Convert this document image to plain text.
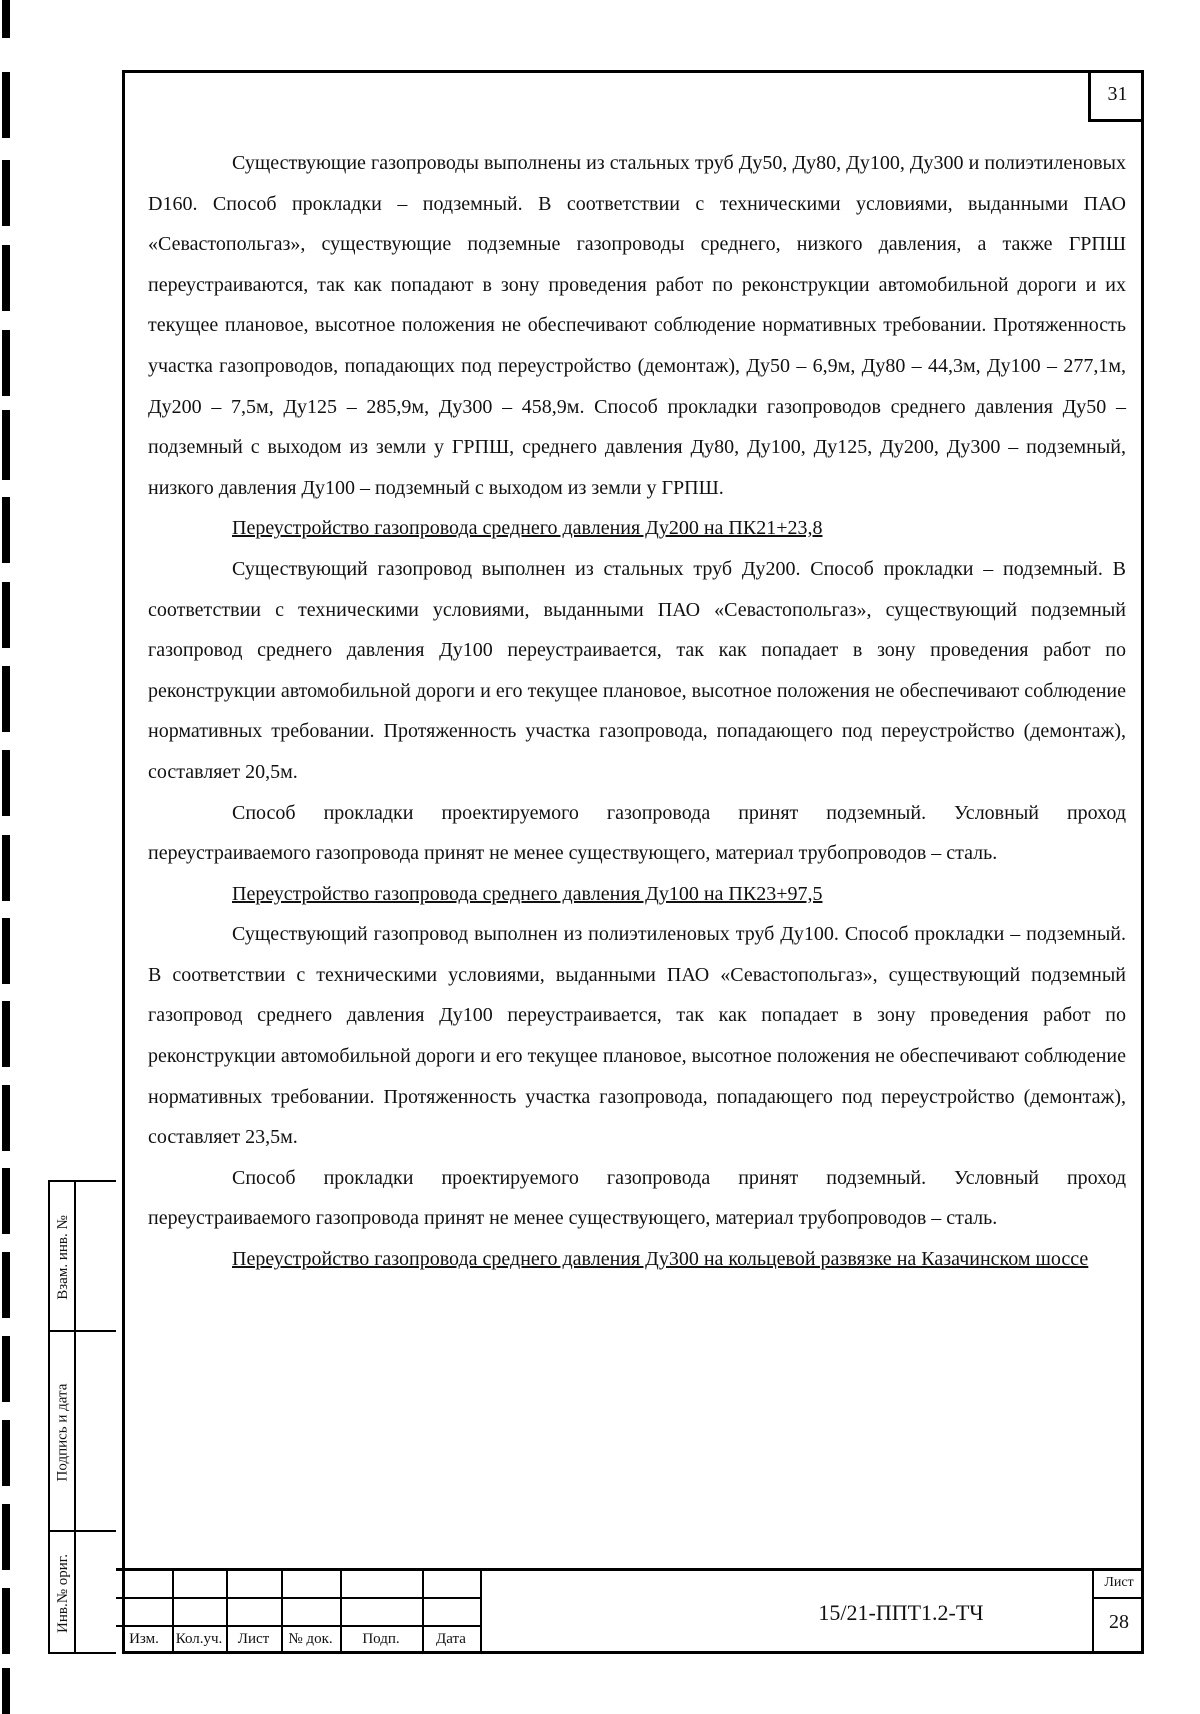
31

Существующие газопроводы выполнены из стальных труб Ду50, Ду80, Ду100, Ду300 и полиэтиленовых D160. Способ прокладки – подземный. В соответствии с техническими условиями, выданными ПАО «Севастопольгаз», существующие подземные газопроводы среднего, низкого давления, а также ГРПШ переустраиваются, так как попадают в зону проведения работ по реконструкции автомобильной дороги и их текущее плановое, высотное положения не обеспечивают соблюдение нормативных требовании. Протяженность участка газопроводов, попадающих под переустройство (демонтаж), Ду50 – 6,9м, Ду80 – 44,3м, Ду100 – 277,1м, Ду200 – 7,5м, Ду125 – 285,9м, Ду300 – 458,9м. Способ прокладки газопроводов среднего давления Ду50 – подземный с выходом из земли у ГРПШ, среднего давления Ду80, Ду100, Ду125, Ду200, Ду300 – подземный, низкого давления Ду100 – подземный с выходом из земли у ГРПШ.

Переустройство газопровода среднего давления Ду200 на ПК21+23,8

Существующий газопровод выполнен из стальных труб Ду200. Способ прокладки – подземный. В соответствии с техническими условиями, выданными ПАО «Севастопольгаз», существующий подземный газопровод среднего давления Ду100 переустраивается, так как попадает в зону проведения работ по реконструкции автомобильной дороги и его текущее плановое, высотное положения не обеспечивают соблюдение нормативных требовании. Протяженность участка газопровода, попадающего под переустройство (демонтаж), составляет 20,5м.

Способ прокладки проектируемого газопровода принят подземный. Условный проход переустраиваемого газопровода принят не менее существующего, материал трубопроводов – сталь.

Переустройство газопровода среднего давления Ду100 на ПК23+97,5

Существующий газопровод выполнен из полиэтиленовых труб Ду100. Способ прокладки – подземный. В соответствии с техническими условиями, выданными ПАО «Севастопольгаз», существующий подземный газопровод среднего давления Ду100 переустраивается, так как попадает в зону проведения работ по реконструкции автомобильной дороги и его текущее плановое, высотное положения не обеспечивают соблюдение нормативных требовании. Протяженность участка газопровода, попадающего под переустройство (демонтаж), составляет 23,5м.

Способ прокладки проектируемого газопровода принят подземный. Условный проход переустраиваемого газопровода принят не менее существующего, материал трубопроводов – сталь.

Переустройство газопровода среднего давления Ду300 на кольцевой развязке на Казачинском шоссе

Взам. инв. №
Подпись и дата
Инв.№ ориг.
Изм.	Кол.уч.	Лист	№ док.	Подп.	Дата
15/21-ППТ1.2-ТЧ
Лист
28
